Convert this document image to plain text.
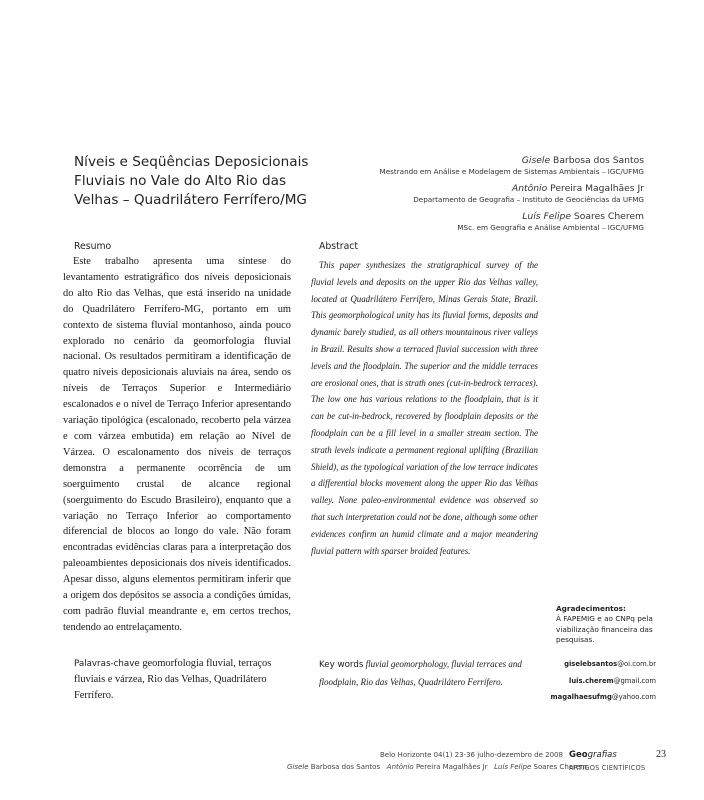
Níveis e Seqüências Deposicionais Fluviais no Vale do Alto Rio das Velhas – Quadrilátero Ferrífero/MG
Gisele Barbosa dos Santos
Mestrando em Análise e Modelagem de Sistemas Ambientais – IGC/UFMG
Antônio Pereira Magalhães Jr
Departamento de Geografia – Instituto de Geociências da UFMG
Luís Felipe Soares Cherem
MSc. em Geografia e Análise Ambiental – IGC/UFMG
Resumo	Abstract
Este trabalho apresenta uma síntese do levantamento estratigráfico dos níveis deposicionais do alto Rio das Velhas, que está inserido na unidade do Quadrilátero Ferrífero-MG, portanto em um contexto de sistema fluvial montanhoso, ainda pouco explorado no cenário da geomorfologia fluvial nacional. Os resultados permitiram a identificação de quatro níveis deposicionais aluviais na área, sendo os níveis de Terraços Superior e Intermediário escalonados e o nível de Terraço Inferior apresentando variação tipológica (escalonado, recoberto pela várzea e com várzea embutida) em relação ao Nível de Várzea. O escalonamento dos níveis de terraços demonstra a permanente ocorrência de um soerguimento crustal de alcance regional (soerguimento do Escudo Brasileiro), enquanto que a variação no Terraço Inferior ao comportamento diferencial de blocos ao longo do vale. Não foram encontradas evidências claras para a interpretação dos paleoambientes deposicionais dos níveis identificados. Apesar disso, alguns elementos permitiram inferir que a origem dos depósitos se associa a condições úmidas, com padrão fluvial meandrante e, em certos trechos, tendendo ao entrelaçamento.
This paper synthesizes the stratigraphical survey of the fluvial levels and deposits on the upper Rio das Velhas valley, located at Quadrilátero Ferrífero, Minas Gerais State, Brazil. This geomorphological unity has its fluvial forms, deposits and dynamic barely studied, as all others mountainous river valleys in Brazil. Results show a terraced fluvial succession with three levels and the floodplain. The superior and the middle terraces are erosional ones, that is strath ones (cut-in-bedrock terraces). The low one has various relations to the floodplain, that is it can be cut-in-bedrock, recovered by floodplain deposits or the floodplain can be a fill level in a smaller stream section. The strath levels indicate a permanent regional uplifting (Brazilian Shield), as the typological variation of the low terrace indicates a differential blocks movement along the upper Rio das Velhas valley. None paleo-environmental evidence was observed so that such interpretation could not be done, although some other evidences confirm an humid climate and a major meandering fluvial pattern with sparser braided features.
Agradecimentos:
À FAPEMIG e ao CNPq pela viabilização financeira das pesquisas.
Palavras-chave geomorfologia fluvial, terraços fluviais e várzea, Rio das Velhas, Quadrilátero Ferrífero.
Key words fluvial geomorphology, fluvial terraces and floodplain, Rio das Velhas, Quadrilátero Ferrífero.
giselebsantos@oi.com.br
luis.cherem@gmail.com
magalhaesufmg@yahoo.com
Belo Horizonte 04(1) 23-36 julho-dezembro de 2008
Gisele Barbosa dos Santos Antônio Pereira Magalhães Jr Luís Felipe Soares Cherem
Geografias
ARTIGOS CIENTÍFICOS
23
